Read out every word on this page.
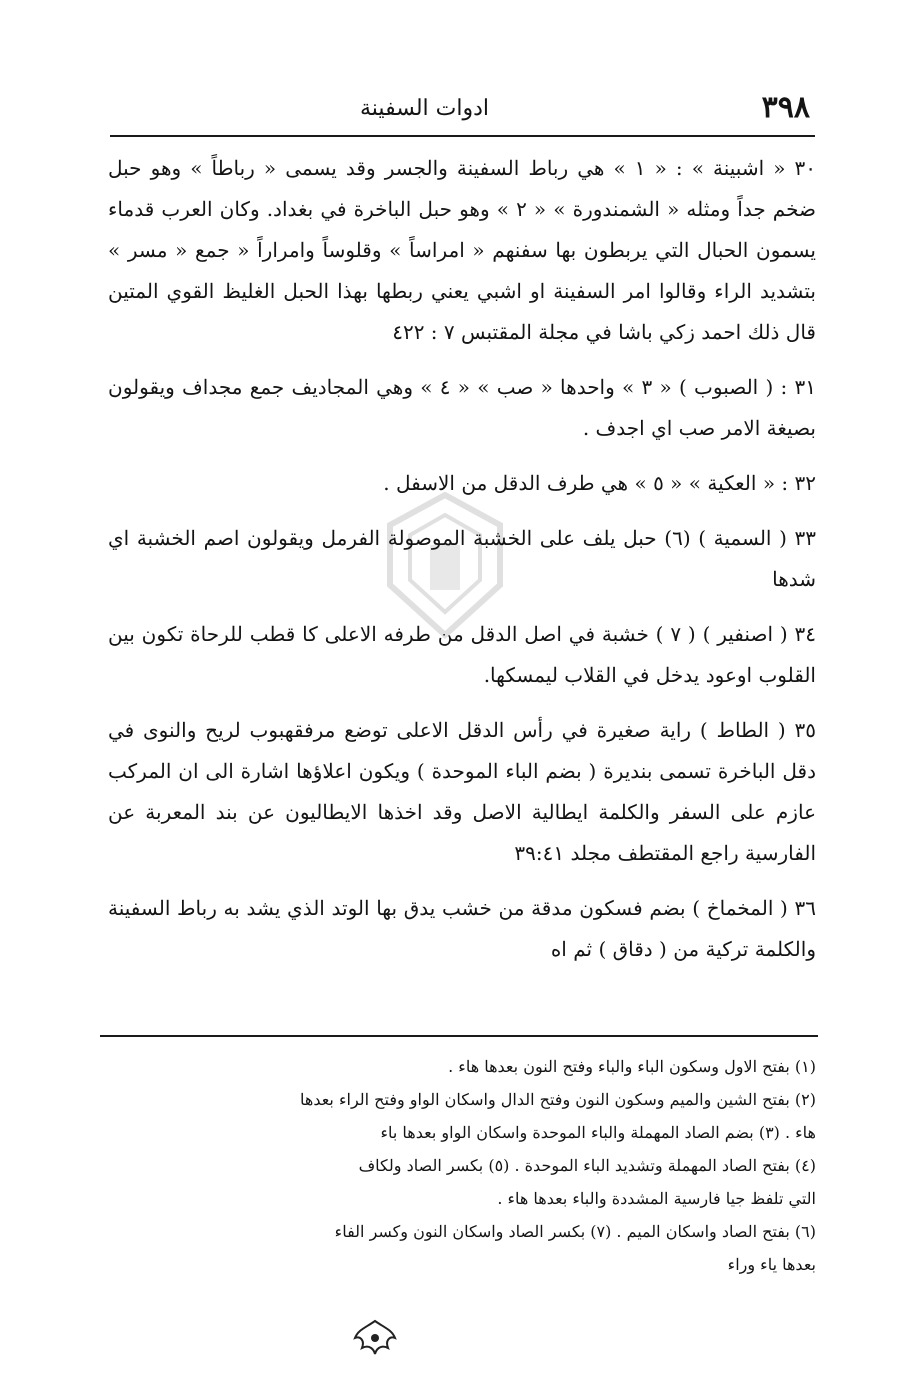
٣٩٨
ادوات السفينة

٣٠ « اشبينة » : « ١ » هي رباط السفينة والجسر وقد يسمى « رباطاً » وهو حبل ضخم جداً ومثله « الشمندورة » « ٢ » وهو حبل الباخرة في بغداد. وكان العرب قدماء يسمون الحبال التي يربطون بها سفنهم « امراساً » وقلوساً وامراراً « جمع « مسر » بتشديد الراء وقالوا امر السفينة او اشبي يعني ربطها بهذا الحبل الغليظ القوي المتين قال ذلك احمد زكي باشا في مجلة المقتبس ٧ : ٤٢٢

٣١ : ( الصبوب ) « ٣ » واحدها « صب » « ٤ » وهي المجاديف جمع مجداف ويقولون بصيغة الامر صب اي اجدف .

٣٢ : « العكية » « ٥ » هي طرف الدقل من الاسفل .

٣٣ ( السمية ) (٦) حبل يلف على الخشبة الموصولة الفرمل ويقولون اصم الخشبة اي شدها

٣٤ ( اصنفير ) ( ٧ ) خشبة في اصل الدقل من طرفه الاعلى كا قطب للرحاة تكون بين القلوب اوعود يدخل في القلاب ليمسكها.

٣٥ ( الطاط ) راية صغيرة في رأس الدقل الاعلى توضع مرفقهبوب لريح والنوى في دقل الباخرة تسمى بنديرة ( بضم الباء الموحدة ) ويكون اعلاؤها اشارة الى ان المركب عازم على السفر والكلمة ايطالية الاصل وقد اخذها الايطاليون عن بند المعربة عن الفارسية راجع المقتطف مجلد ٣٩:٤١

٣٦ ( المخماخ ) بضم فسكون مدقة من خشب يدق بها الوتد الذي يشد به رباط السفينة والكلمة تركية من ( دقاق ) ثم اه

(١) بفتح الاول وسكون الباء والباء وفتح النون بعدها هاء .

(٢) بفتح الشين والميم وسكون النون وفتح الدال واسكان الواو وفتح الراء بعدها

هاء . (٣) بضم الصاد المهملة والباء الموحدة واسكان الواو بعدها باء

(٤) بفتح الصاد المهملة وتشديد الباء الموحدة . (٥) بكسر الصاد ولكاف

التي تلفظ جيا فارسية المشددة والباء بعدها هاء .

(٦) بفتح الصاد واسكان الميم . (٧) بكسر الصاد واسكان النون وكسر الفاء

بعدها ياء وراء
